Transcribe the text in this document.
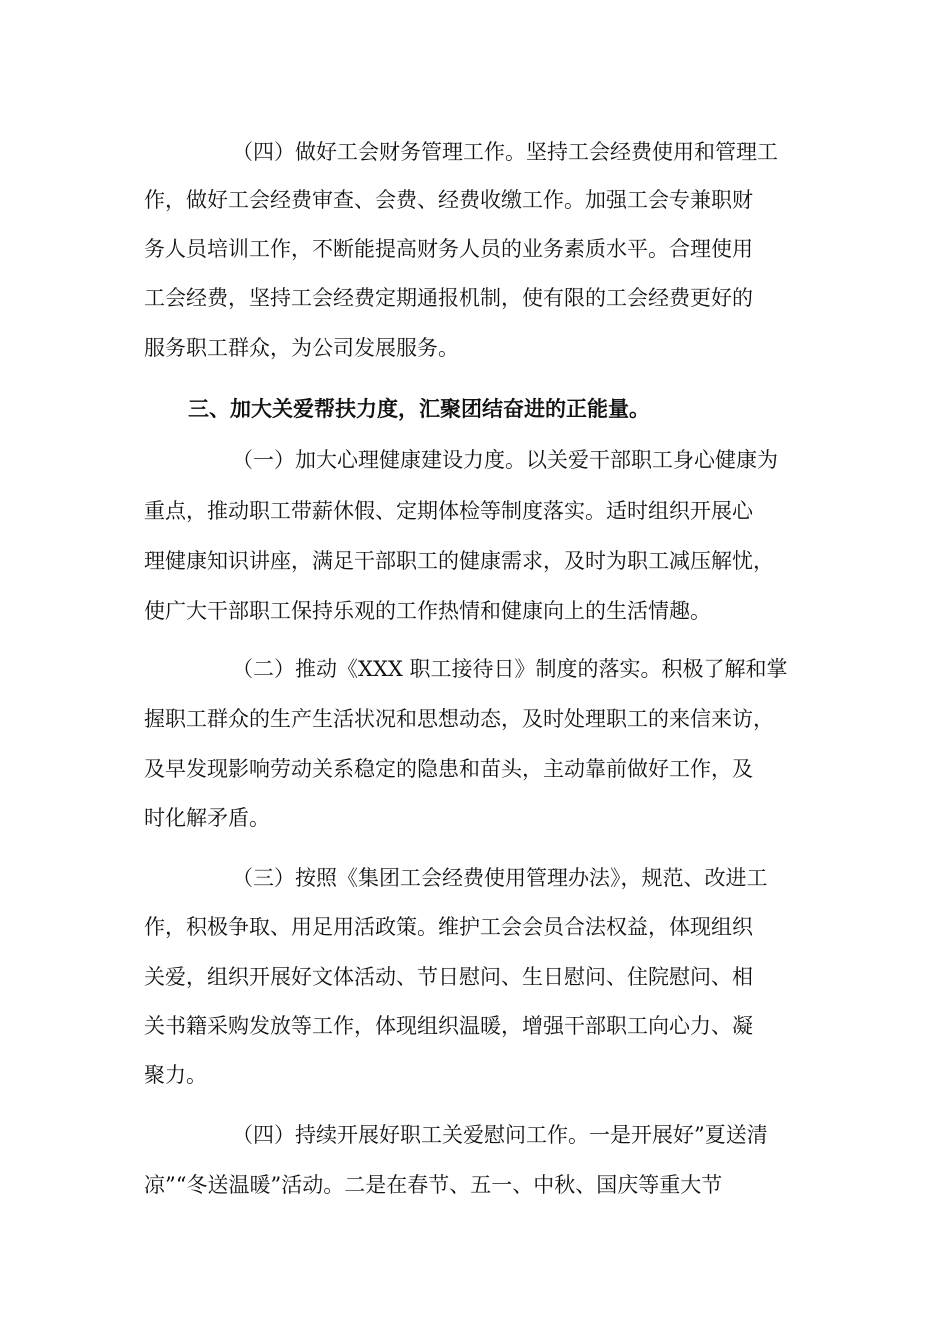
（四）做好工会财务管理工作。坚持工会经费使用和管理工
作，做好工会经费审查、会费、经费收缴工作。加强工会专兼职财
务人员培训工作，不断能提高财务人员的业务素质水平。合理使用
工会经费，坚持工会经费定期通报机制，使有限的工会经费更好的
服务职工群众，为公司发展服务。
三、加大关爱帮扶力度，汇聚团结奋进的正能量。
（一）加大心理健康建设力度。以关爱干部职工身心健康为
重点，推动职工带薪休假、定期体检等制度落实。适时组织开展心
理健康知识讲座，满足干部职工的健康需求，及时为职工减压解忧，
使广大干部职工保持乐观的工作热情和健康向上的生活情趣。
（二）推动《XXX 职工接待日》制度的落实。积极了解和掌
握职工群众的生产生活状况和思想动态，及时处理职工的来信来访，
及早发现影响劳动关系稳定的隐患和苗头，主动靠前做好工作，及
时化解矛盾。
（三）按照《集团工会经费使用管理办法》，规范、改进工
作，积极争取、用足用活政策。维护工会会员合法权益，体现组织
关爱，组织开展好文体活动、节日慰问、生日慰问、住院慰问、相
关书籍采购发放等工作，体现组织温暖，增强干部职工向心力、凝
聚力。
（四）持续开展好职工关爱慰问工作。一是开展好”夏送清
凉”“冬送温暖”活动。二是在春节、五一、中秋、国庆等重大节
